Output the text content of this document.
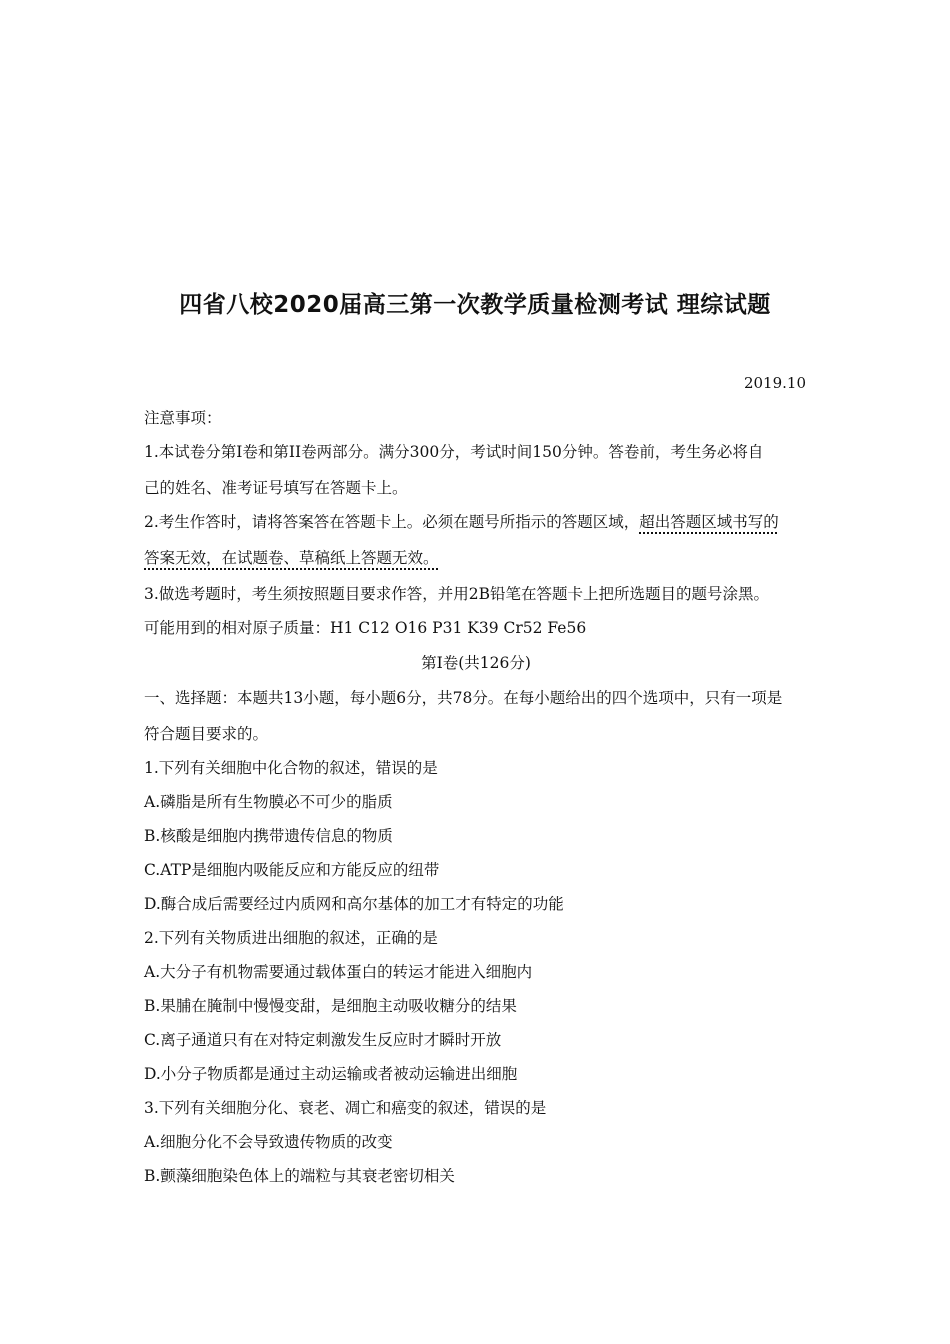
四省八校2020届高三第一次教学质量检测考试 理综试题
2019.10
注意事项：
1.本试卷分第I卷和第II卷两部分。满分300分，考试时间150分钟。答卷前，考生务必将自
己的姓名、准考证号填写在答题卡上。
2.考生作答时，请将答案答在答题卡上。必须在题号所指示的答题区域，超出答题区域书写的
答案无效，在试题卷、草稿纸上答题无效。
3.做选考题时，考生须按照题目要求作答，并用2B铅笔在答题卡上把所选题目的题号涂黑。
可能用到的相对原子质量：H1 C12 O16 P31 K39 Cr52 Fe56
第I卷(共126分)
一、选择题：本题共13小题，每小题6分，共78分。在每小题给出的四个选项中，只有一项是
符合题目要求的。
1.下列有关细胞中化合物的叙述，错误的是
A.磷脂是所有生物膜必不可少的脂质
B.核酸是细胞内携带遗传信息的物质
C.ATP是细胞内吸能反应和方能反应的纽带
D.酶合成后需要经过内质网和高尔基体的加工才有特定的功能
2.下列有关物质进出细胞的叙述，正确的是
A.大分子有机物需要通过载体蛋白的转运才能进入细胞内
B.果脯在腌制中慢慢变甜，是细胞主动吸收糖分的结果
C.离子通道只有在对特定刺激发生反应时才瞬时开放
D.小分子物质都是通过主动运输或者被动运输进出细胞
3.下列有关细胞分化、衰老、凋亡和癌变的叙述，错误的是
A.细胞分化不会导致遗传物质的改变
B.颤藻细胞染色体上的端粒与其衰老密切相关
